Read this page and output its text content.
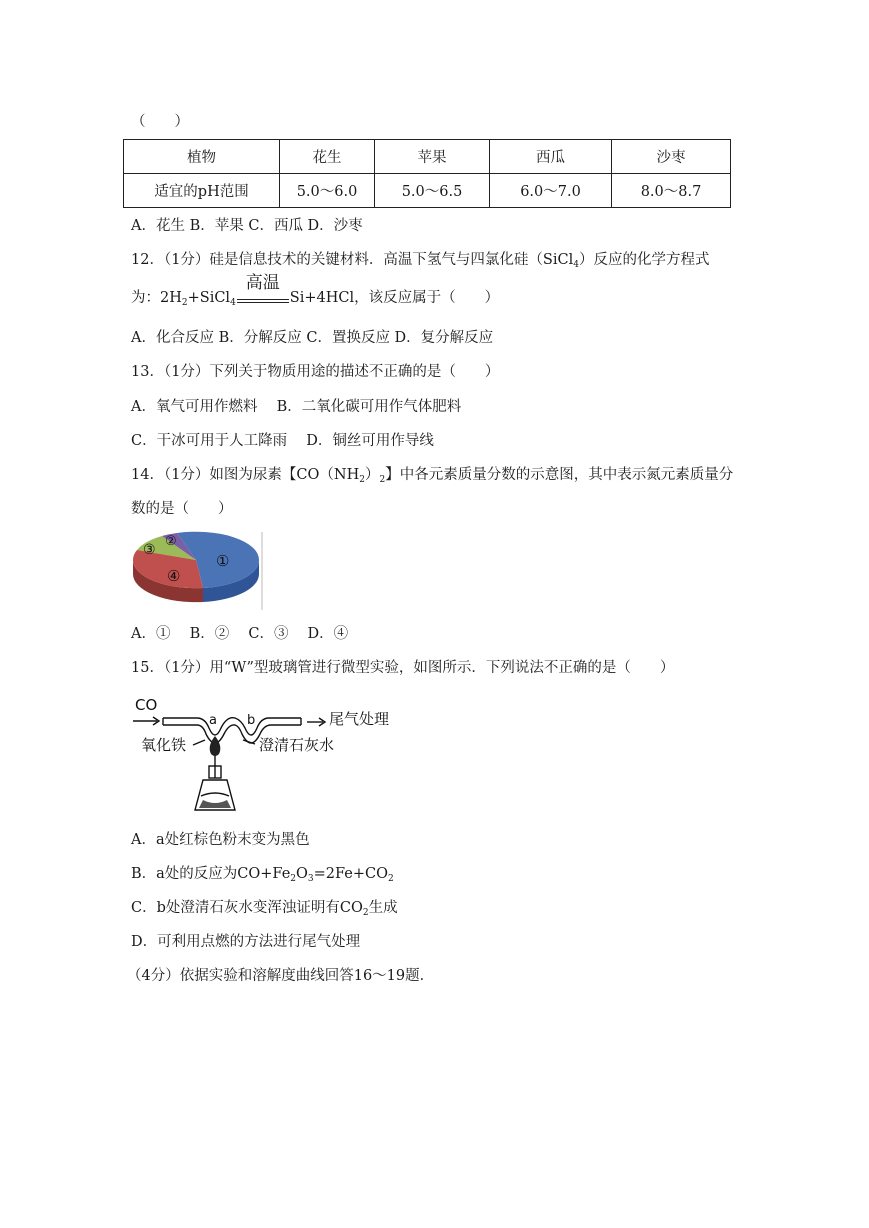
（　　）
植物	花生	苹果	西瓜	沙枣
适宜的pH范围	5.0～6.0	5.0～6.5	6.0～7.0	8.0～8.7
A．花生 B．苹果 C．西瓜 D．沙枣
12．（1分）硅是信息技术的关键材料．高温下氢气与四氯化硅（SiCl$_4$）反应的化学方程式
为：$2H_2+SiCl_4$
高温
Si+4HCl，该反应属于（　　）
A．化合反应 B．分解反应 C．置换反应 D．复分解反应
13．（1分）下列关于物质用途的描述不正确的是（　　）
A．氧气可用作燃料　 B．二氧化碳可用作气体肥料
C．干冰可用于人工降雨　 D．铜丝可用作导线
14．（1分）如图为尿素【$CO(NH_2)_2$】中各元素质量分数的示意图，其中表示氮元素质量分
数的是（　　）
①
②
③
④
A．①　 B．②　 C．③　 D．④
15．（1分）用“W”型玻璃管进行微型实验，如图所示．下列说法不正确的是（　　）
CO
a b	尾气处理
氧化铁	澄清石灰水
A．a处红棕色粉末变为黑色
B．a处的反应为$CO+Fe_2O_3=2Fe+CO_2$
C．b处澄清石灰水变浑浊证明有$CO_2$生成
D．可利用点燃的方法进行尾气处理
（4分）依据实验和溶解度曲线回答16～19题．
